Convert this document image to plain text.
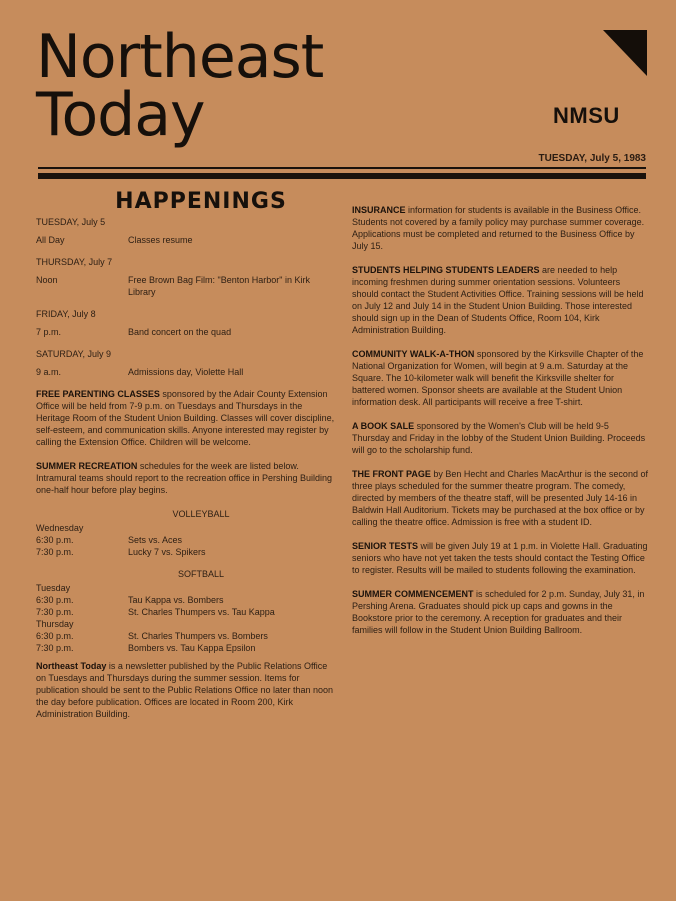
Northeast
Today	NMSU
TUESDAY, July 5, 1983
HAPPENINGS
TUESDAY, July 5
All Day	Classes resume
THURSDAY, July 7
Noon	Free Brown Bag Film: "Benton Harbor" in Kirk Library
FRIDAY, July 8
7 p.m.	Band concert on the quad
SATURDAY, July 9
9 a.m.	Admissions day, Violette Hall

FREE PARENTING CLASSES sponsored by the Adair County Extension Office will be held from 7-9 p.m. on Tuesdays and Thursdays in the Heritage Room of the Student Union Building. Classes will cover discipline, self-esteem, and communication skills. Anyone interested may register by calling the Extension Office. Children will be welcome.

SUMMER RECREATION schedules for the week are listed below. Intramural teams should report to the recreation office in Pershing Building one-half hour before play begins.

VOLLEYBALL
Wednesday
6:30 p.m.	Sets vs. Aces
7:30 p.m.	Lucky 7 vs. Spikers
SOFTBALL
Tuesday
6:30 p.m.	Tau Kappa vs. Bombers
7:30 p.m.	St. Charles Thumpers vs. Tau Kappa
Thursday
6:30 p.m.	St. Charles Thumpers vs. Bombers
7:30 p.m.	Bombers vs. Tau Kappa Epsilon

Northeast Today is a newsletter published by the Public Relations Office on Tuesdays and Thursdays during the summer session. Items for publication should be sent to the Public Relations Office no later than noon the day before publication. Offices are located in Room 200, Kirk Administration Building.

INSURANCE information for students is available in the Business Office. Students not covered by a family policy may purchase summer coverage. Applications must be completed and returned to the Business Office by July 15.

STUDENTS HELPING STUDENTS LEADERS are needed to help incoming freshmen during summer orientation sessions. Volunteers should contact the Student Activities Office. Training sessions will be held on July 12 and July 14 in the Student Union Building. Those interested should sign up in the Dean of Students Office, Room 104, Kirk Administration Building.

COMMUNITY WALK-A-THON sponsored by the Kirksville Chapter of the National Organization for Women, will begin at 9 a.m. Saturday at the Square. The 10-kilometer walk will benefit the Kirksville shelter for battered women. Sponsor sheets are available at the Student Union information desk. All participants will receive a free T-shirt.

A BOOK SALE sponsored by the Women's Club will be held 9-5 Thursday and Friday in the lobby of the Student Union Building. Proceeds will go to the scholarship fund.

THE FRONT PAGE by Ben Hecht and Charles MacArthur is the second of three plays scheduled for the summer theatre program. The comedy, directed by members of the theatre staff, will be presented July 14-16 in Baldwin Hall Auditorium. Tickets may be purchased at the box office or by calling the theatre office. Admission is free with a student ID.

SENIOR TESTS will be given July 19 at 1 p.m. in Violette Hall. Graduating seniors who have not yet taken the tests should contact the Testing Office to register. Results will be mailed to students following the examination.

SUMMER COMMENCEMENT is scheduled for 2 p.m. Sunday, July 31, in Pershing Arena. Graduates should pick up caps and gowns in the Bookstore prior to the ceremony. A reception for graduates and their families will follow in the Student Union Building Ballroom.
